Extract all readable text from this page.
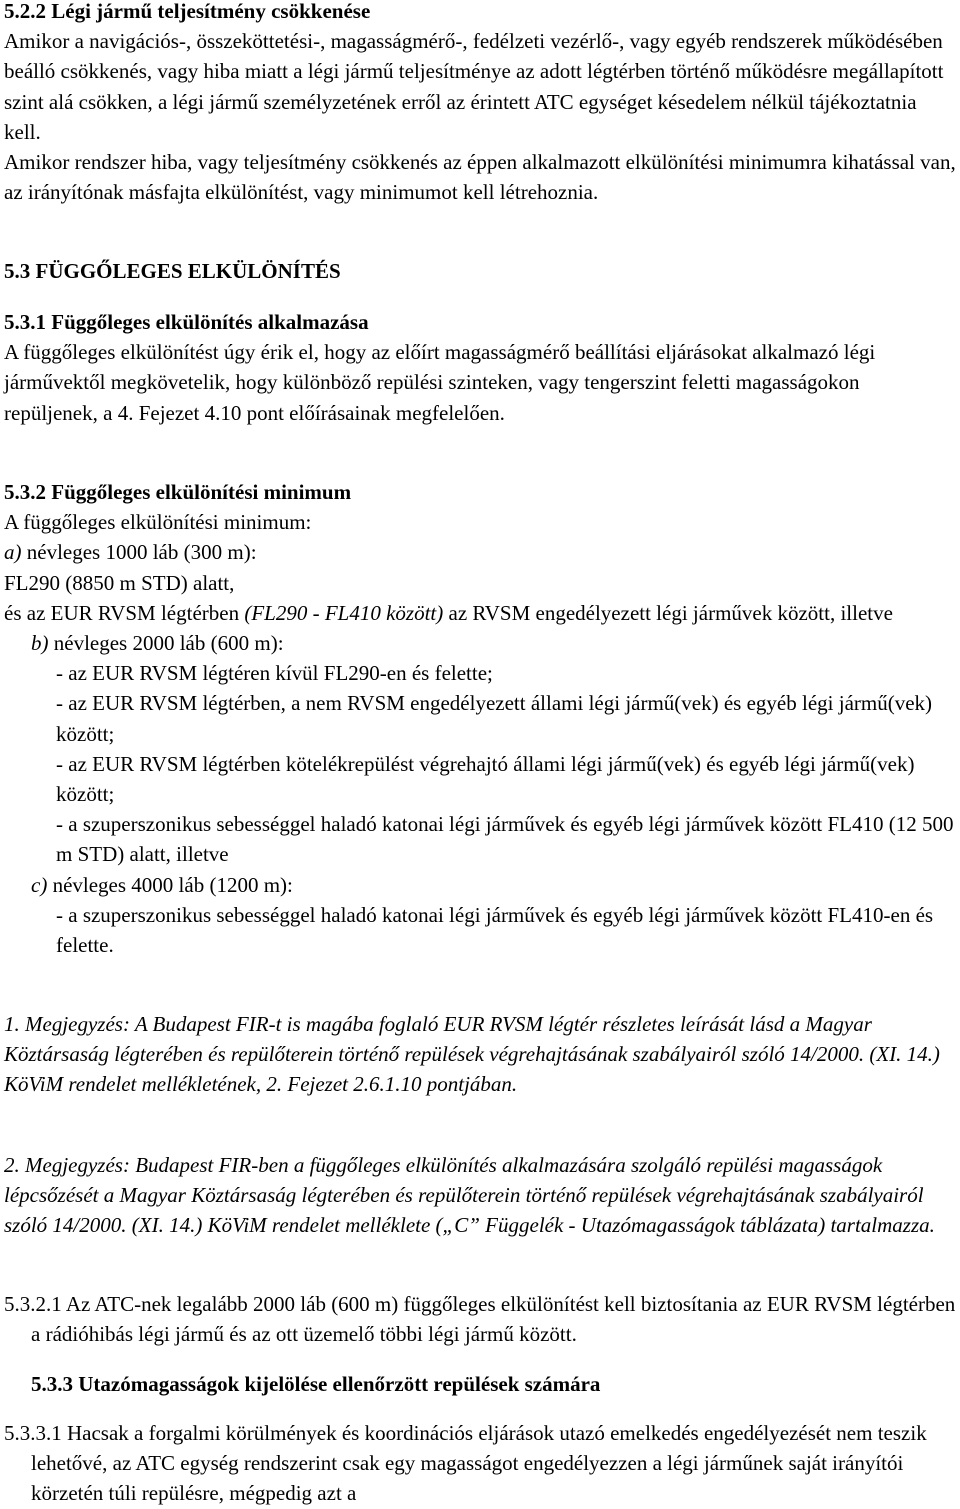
5.2.2 Légi jármű teljesítmény csökkenése

Amikor a navigációs-, összeköttetési-, magasságmérő-, fedélzeti vezérlő-, vagy egyéb rendszerek működésében beálló csökkenés, vagy hiba miatt a légi jármű teljesítménye az adott légtérben történő működésre megállapított szint alá csökken, a légi jármű személyzetének erről az érintett ATC egységet késedelem nélkül tájékoztatnia kell.

Amikor rendszer hiba, vagy teljesítmény csökkenés az éppen alkalmazott elkülönítési minimumra kihatással van, az irányítónak másfajta elkülönítést, vagy minimumot kell létrehoznia.

5.3 FÜGGŐLEGES ELKÜLÖNÍTÉS

5.3.1 Függőleges elkülönítés alkalmazása

A függőleges elkülönítést úgy érik el, hogy az előírt magasságmérő beállítási eljárásokat alkalmazó légi járművektől megkövetelik, hogy különböző repülési szinteken, vagy tengerszint feletti magasságokon repüljenek, a 4. Fejezet 4.10 pont előírásainak megfelelően.

5.3.2 Függőleges elkülönítési minimum

A függőleges elkülönítési minimum:

a) névleges 1000 láb (300 m):

FL290 (8850 m STD) alatt,

és az EUR RVSM légtérben (FL290 - FL410 között) az RVSM engedélyezett légi járművek között, illetve

b) névleges 2000 láb (600 m):

- az EUR RVSM légtéren kívül FL290-en és felette;

- az EUR RVSM légtérben, a nem RVSM engedélyezett állami légi jármű(vek) és egyéb légi jármű(vek) között;

- az EUR RVSM légtérben kötelékrepülést végrehajtó állami légi jármű(vek) és egyéb légi jármű(vek) között;

- a szuperszonikus sebességgel haladó katonai légi járművek és egyéb légi járművek között FL410 (12 500 m STD) alatt, illetve

c) névleges 4000 láb (1200 m):

- a szuperszonikus sebességgel haladó katonai légi járművek és egyéb légi járművek között FL410-en és felette.

1. Megjegyzés: A Budapest FIR-t is magába foglaló EUR RVSM légtér részletes leírását lásd a Magyar Köztársaság légterében és repülőterein történő repülések végrehajtásának szabályairól szóló 14/2000. (XI. 14.) KöViM rendelet mellékletének, 2. Fejezet 2.6.1.10 pontjában.

2. Megjegyzés: Budapest FIR-ben a függőleges elkülönítés alkalmazására szolgáló repülési magasságok lépcsőzését a Magyar Köztársaság légterében és repülőterein történő repülések végrehajtásának szabályairól szóló 14/2000. (XI. 14.) KöViM rendelet melléklete („C” Függelék - Utazómagasságok táblázata) tartalmazza.

5.3.2.1 Az ATC-nek legalább 2000 láb (600 m) függőleges elkülönítést kell biztosítania az EUR RVSM légtérben a rádióhibás légi jármű és az ott üzemelő többi légi jármű között.

5.3.3 Utazómagasságok kijelölése ellenőrzött repülések számára

5.3.3.1 Hacsak a forgalmi körülmények és koordinációs eljárások utazó emelkedés engedélyezését nem teszik lehetővé, az ATC egység rendszerint csak egy magasságot engedélyezzen a légi járműnek saját irányítói körzetén túli repülésre, mégpedig azt a
